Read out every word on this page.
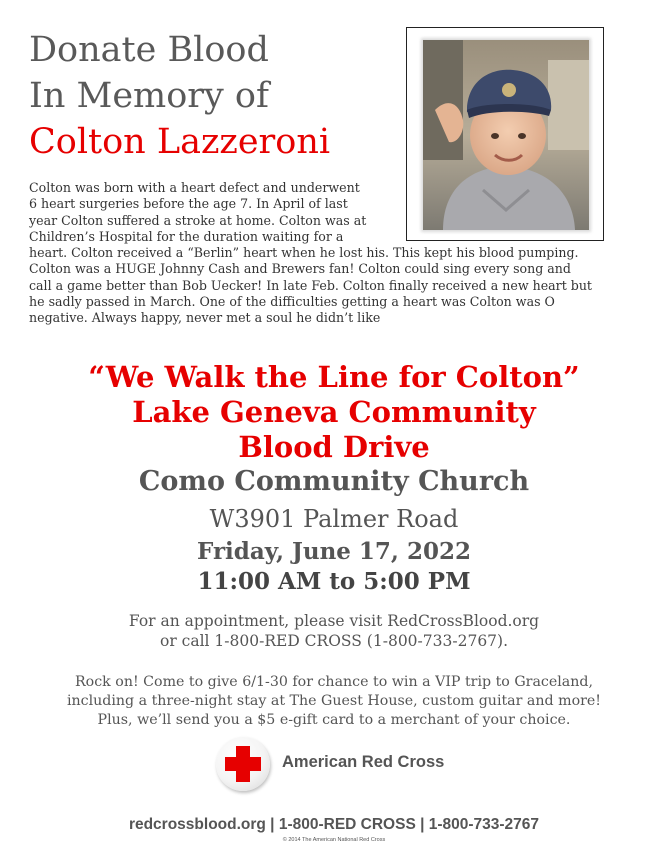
Donate Blood
In Memory of
Colton Lazzeroni
Colton was born with a heart defect and underwent
6 heart surgeries before the age 7. In April of last
year Colton suffered a stroke at home. Colton was at
Children’s Hospital for the duration waiting for a
heart. Colton received a “Berlin” heart when he lost his. This kept his blood pumping.
Colton was a HUGE Johnny Cash and Brewers fan! Colton could sing every song and
call a game better than Bob Uecker! In late Feb. Colton finally received a new heart but
he sadly passed in March. One of the difficulties getting a heart was Colton was O
negative. Always happy, never met a soul he didn’t like
“We Walk the Line for Colton”
Lake Geneva Community
Blood Drive
Como Community Church
W3901 Palmer Road
Friday, June 17, 2022
11:00 AM to 5:00 PM
For an appointment, please visit RedCrossBlood.org
or call 1-800-RED CROSS (1-800-733-2767).
Rock on! Come to give 6/1-30 for chance to win a VIP trip to Graceland,
including a three-night stay at The Guest House, custom guitar and more!
Plus, we’ll send you a $5 e-gift card to a merchant of your choice.
American Red Cross
redcrossblood.org | 1-800-RED CROSS | 1-800-733-2767
© 2014 The American National Red Cross
